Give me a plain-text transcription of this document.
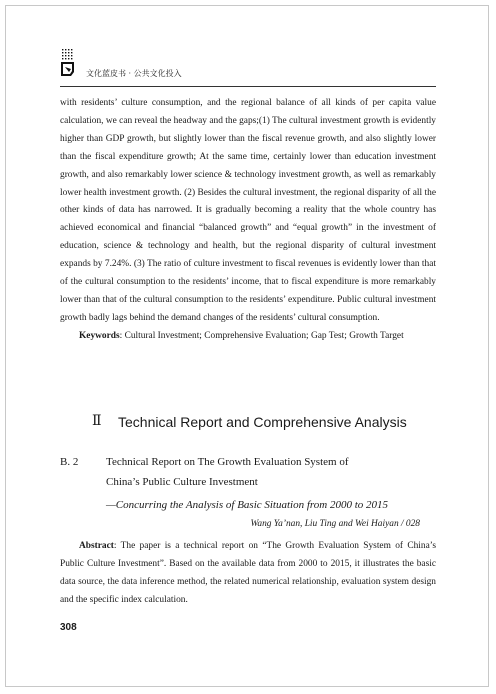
文化蓝皮书 · 公共文化投入

with residents’ culture consumption, and the regional balance of all kinds of per capita value calculation, we can reveal the headway and the gaps;(1) The cultural investment growth is evidently higher than GDP growth, but slightly lower than the fiscal revenue growth, and also slightly lower than the fiscal expenditure growth; At the same time, certainly lower than education investment growth, and also remarkably lower science & technology investment growth, as well as remarkably lower health investment growth. (2) Besides the cultural investment, the regional disparity of all the other kinds of data has narrowed. It is gradually becoming a reality that the whole country has achieved economical and financial “balanced growth” and “equal growth” in the investment of education, science & technology and health, but the regional disparity of cultural investment expands by 7.24%. (3) The ratio of culture investment to fiscal revenues is evidently lower than that of the cultural consumption to the residents’ income, that to fiscal expenditure is more remarkably lower than that of the cultural consumption to the residents’ expenditure. Public cultural investment growth badly lags behind the demand changes of the residents’ cultural consumption.

Keywords: Cultural Investment; Comprehensive Evaluation; Gap Test; Growth Target

Ⅱ Technical Report and Comprehensive Analysis
B. 2	Technical Report on The Growth Evaluation System of
China’s Public Culture Investment
—Concurring the Analysis of Basic Situation from 2000 to 2015
Wang Ya’nan, Liu Ting and Wei Haiyan / 028

Abstract: The paper is a technical report on “The Growth Evaluation System of China’s Public Culture Investment”. Based on the available data from 2000 to 2015, it illustrates the basic data source, the data inference method, the related numerical relationship, evaluation system design and the specific index calculation.

308
